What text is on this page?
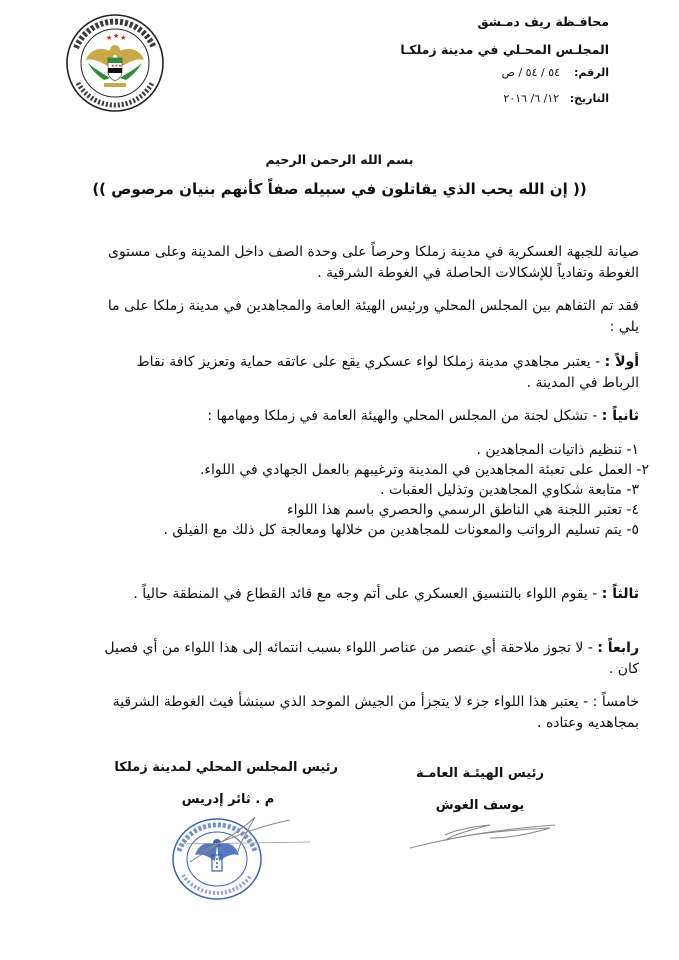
محافـظة ريف دمـشق
المجلـس المحـلي في مدينة زملكـا
الرقم:    ٥٤ / ٥٤ / ص
التاريخ:   ١٢/ ٦/ ٢٠١٦
★ ★ ★
★★★
بسم الله الرحمن الرحيم
(( إن الله يحب الذي يقاتلون في سبيله صفاً كأنهم بنيان مرصوص ))
صيانة للجبهة العسكرية في مدينة زملكا وحرصاً على وحدة الصف داخل المدينة وعلى مستوى الغوطة وتفادياً للإشكالات الحاصلة في الغوطة الشرقية .
فقد تم التفاهم بين المجلس المحلي ورئيس الهيئة العامة والمجاهدين في مدينة زملكا على ما يلي :
أولاً : - يعتبر مجاهدي مدينة زملكا لواء عسكري يقع على عاتقه حماية وتعزيز كافة نقاط الرباط في المدينة .
ثانياً : - تشكل لجنة من المجلس المحلي والهيئة العامة في زملكا ومهامها :
١- تنظيم ذاتيات المجاهدين .
٢- العمل على تعبئة المجاهدين في المدينة وترغيبهم بالعمل الجهادي في اللواء.
٣- متابعة شكاوي المجاهدين وتذليل العقبات .
٤- تعتبر اللجنة هي الناطق الرسمي والحصري باسم هذا اللواء
٥- يتم تسليم الرواتب والمعونات للمجاهدين من خلالها ومعالجة كل ذلك مع الفيلق .
ثالثاً : - يقوم اللواء بالتنسيق العسكري على أتم وجه مع قائد القطاع في المنطقة حالياً .
رابعاً : - لا تجوز ملاحقة أي عنصر من عناصر اللواء بسبب انتمائه إلى هذا اللواء من أي فصيل كان .
خامساً : - يعتبر هذا اللواء جزء لا يتجزأ من الجيش الموحد الذي سينشأ فيث الغوطة الشرقية بمجاهديه وعتاده .
رئيس المجلس المحلي لمدينة زملكا
م . ثائر إدريس
رئيس الهيئـة العامـة
يوسف الغوش
